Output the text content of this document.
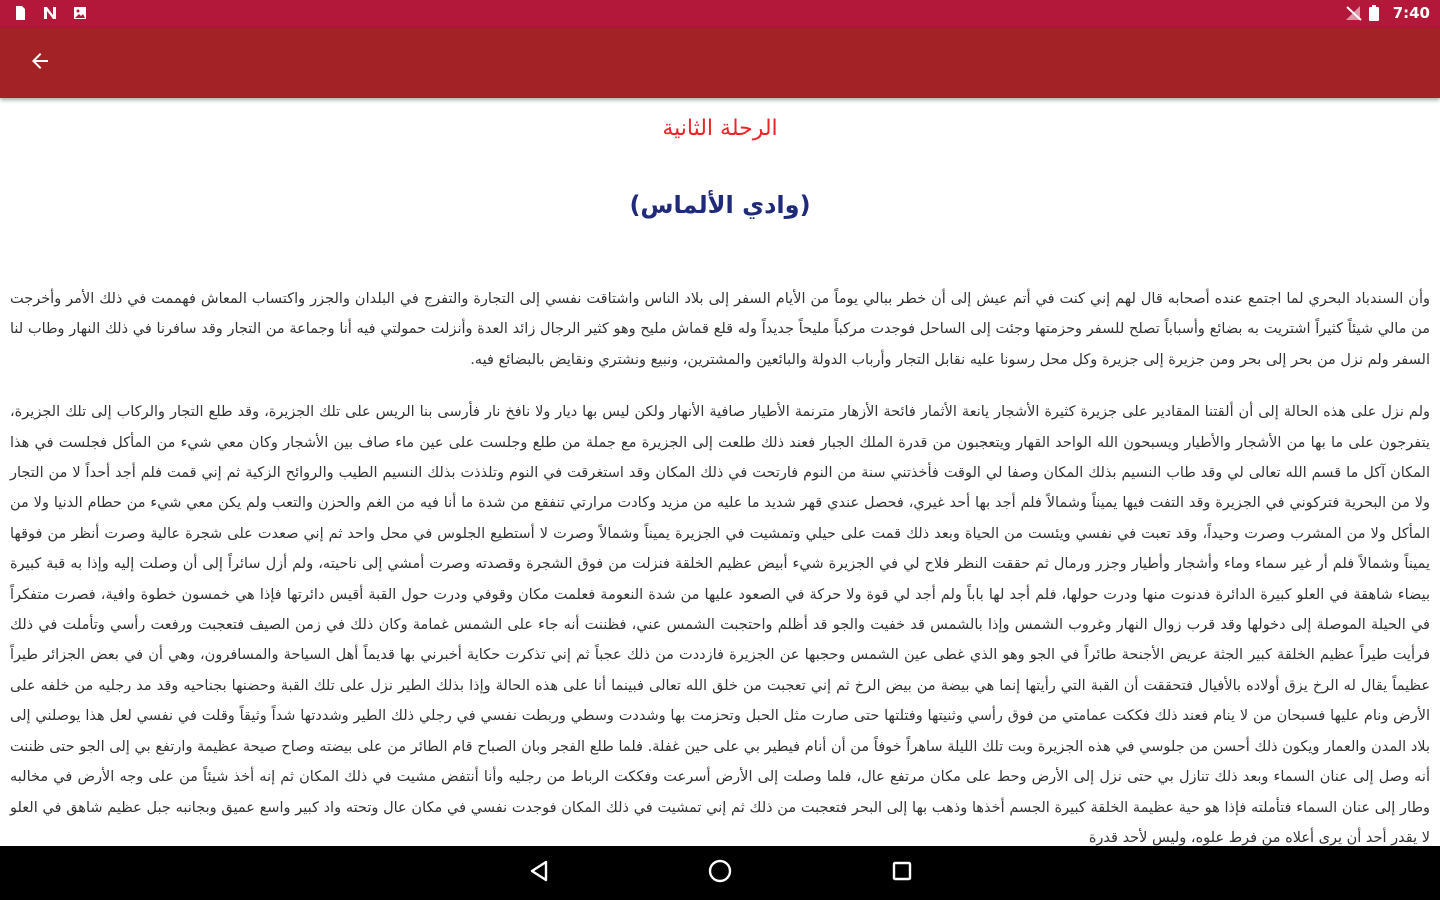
7:40
الرحلة الثانية
(وادي الألماس)

وأن السندباد البحري لما اجتمع عنده أصحابه قال لهم إني كنت في أتم عيش إلى أن خطر ببالي يوماً من الأيام السفر إلى بلاد الناس واشتاقت نفسي إلى التجارة والتفرج في البلدان والجزر واكتساب المعاش فهممت في ذلك الأمر وأخرجت من مالي شيئاً كثيراً اشتريت به بضائع وأسباباً تصلح للسفر وحزمتها وجئت إلى الساحل فوجدت مركباً مليحاً جديداً وله قلع قماش مليح وهو كثير الرجال زائد العدة وأنزلت حمولتي فيه أنا وجماعة من التجار وقد سافرنا في ذلك النهار وطاب لنا السفر ولم نزل من بحر إلى بحر ومن جزيرة إلى جزيرة وكل محل رسونا عليه نقابل التجار وأرباب الدولة والبائعين والمشترين، ونبيع ونشتري ونقايض بالبضائع فيه.

ولم نزل على هذه الحالة إلى أن ألقتنا المقادير على جزيرة كثيرة الأشجار يانعة الأثمار فائحة الأزهار مترنمة الأطيار صافية الأنهار ولكن ليس بها ديار ولا نافخ نار فأرسى بنا الريس على تلك الجزيرة، وقد طلع التجار والركاب إلى تلك الجزيرة، يتفرجون على ما بها من الأشجار والأطيار ويسبحون الله الواحد القهار ويتعجبون من قدرة الملك الجبار فعند ذلك طلعت إلى الجزيرة مع جملة من طلع وجلست على عين ماء صاف بين الأشجار وكان معي شيء من المأكل فجلست في هذا المكان آكل ما قسم الله تعالى لي وقد طاب النسيم بذلك المكان وصفا لي الوقت فأخذتني سنة من النوم فارتحت في ذلك المكان وقد استغرقت في النوم وتلذذت بذلك النسيم الطيب والروائح الزكية ثم إني قمت فلم أجد أحداً لا من التجار ولا من البحرية فتركوني في الجزيرة وقد التفت فيها يميناً وشمالاً فلم أجد بها أحد غيري، فحصل عندي قهر شديد ما عليه من مزيد وكادت مرارتي تنفقع من شدة ما أنا فيه من الغم والحزن والتعب ولم يكن معي شيء من حطام الدنيا ولا من المأكل ولا من المشرب وصرت وحيداً، وقد تعبت في نفسي ويئست من الحياة وبعد ذلك قمت على حيلي وتمشيت في الجزيرة يميناً وشمالاً وصرت لا أستطيع الجلوس في محل واحد ثم إني صعدت على شجرة عالية وصرت أنظر من فوقها يميناً وشمالاً فلم أر غير سماء وماء وأشجار وأطيار وجزر ورمال ثم حققت النظر فلاح لي في الجزيرة شيء أبيض عظيم الخلقة فنزلت من فوق الشجرة وقصدته وصرت أمشي إلى ناحيته، ولم أزل سائراً إلى أن وصلت إليه وإذا به قبة كبيرة بيضاء شاهقة في العلو كبيرة الدائرة فدنوت منها ودرت حولها، فلم أجد لها باباً ولم أجد لي قوة ولا حركة في الصعود عليها من شدة النعومة فعلمت مكان وقوفي ودرت حول القبة أقيس دائرتها فإذا هي خمسون خطوة وافية، فصرت متفكراً في الحيلة الموصلة إلى دخولها وقد قرب زوال النهار وغروب الشمس وإذا بالشمس قد خفيت والجو قد أظلم واحتجبت الشمس عني، فظننت أنه جاء على الشمس غمامة وكان ذلك في زمن الصيف فتعجبت ورفعت رأسي وتأملت في ذلك فرأيت طيراً عظيم الخلقة كبير الجثة عريض الأجنحة طائراً في الجو وهو الذي غطى عين الشمس وحجبها عن الجزيرة فازددت من ذلك عجباً ثم إني تذكرت حكاية أخبرني بها قديماً أهل السياحة والمسافرون، وهي أن في بعض الجزائر طيراً عظيماً يقال له الرخ يزق أولاده بالأفيال فتحققت أن القبة التي رأيتها إنما هي بيضة من بيض الرخ ثم إني تعجبت من خلق الله تعالى فبينما أنا على هذه الحالة وإذا بذلك الطير نزل على تلك القبة وحضنها بجناحيه وقد مد رجليه من خلفه على الأرض ونام عليها فسبحان من لا ينام فعند ذلك فككت عمامتي من فوق رأسي وثنيتها وفتلتها حتى صارت مثل الحبل وتحزمت بها وشددت وسطي وربطت نفسي في رجلي ذلك الطير وشددتها شداً وثيقاً وقلت في نفسي لعل هذا يوصلني إلى بلاد المدن والعمار ويكون ذلك أحسن من جلوسي في هذه الجزيرة وبت تلك الليلة ساهراً خوفاً من أن أنام فيطير بي على حين غفلة. فلما طلع الفجر وبان الصباح قام الطائر من على بيضته وصاح صيحة عظيمة وارتفع بي إلى الجو حتى ظننت أنه وصل إلى عنان السماء وبعد ذلك تنازل بي حتى نزل إلى الأرض وحط على مكان مرتفع عال، فلما وصلت إلى الأرض أسرعت وفككت الرباط من رجليه وأنا أنتفض مشيت في ذلك المكان ثم إنه أخذ شيئاً من على وجه الأرض في مخالبه وطار إلى عنان السماء فتأملته فإذا هو حية عظيمة الخلقة كبيرة الجسم أخذها وذهب بها إلى البحر فتعجبت من ذلك ثم إني تمشيت في ذلك المكان فوجدت نفسي في مكان عال وتحته واد كبير واسع عميق وبجانبه جبل عظيم شاهق في العلو لا يقدر أحد أن يرى أعلاه من فرط علوه، وليس لأحد قدرة
